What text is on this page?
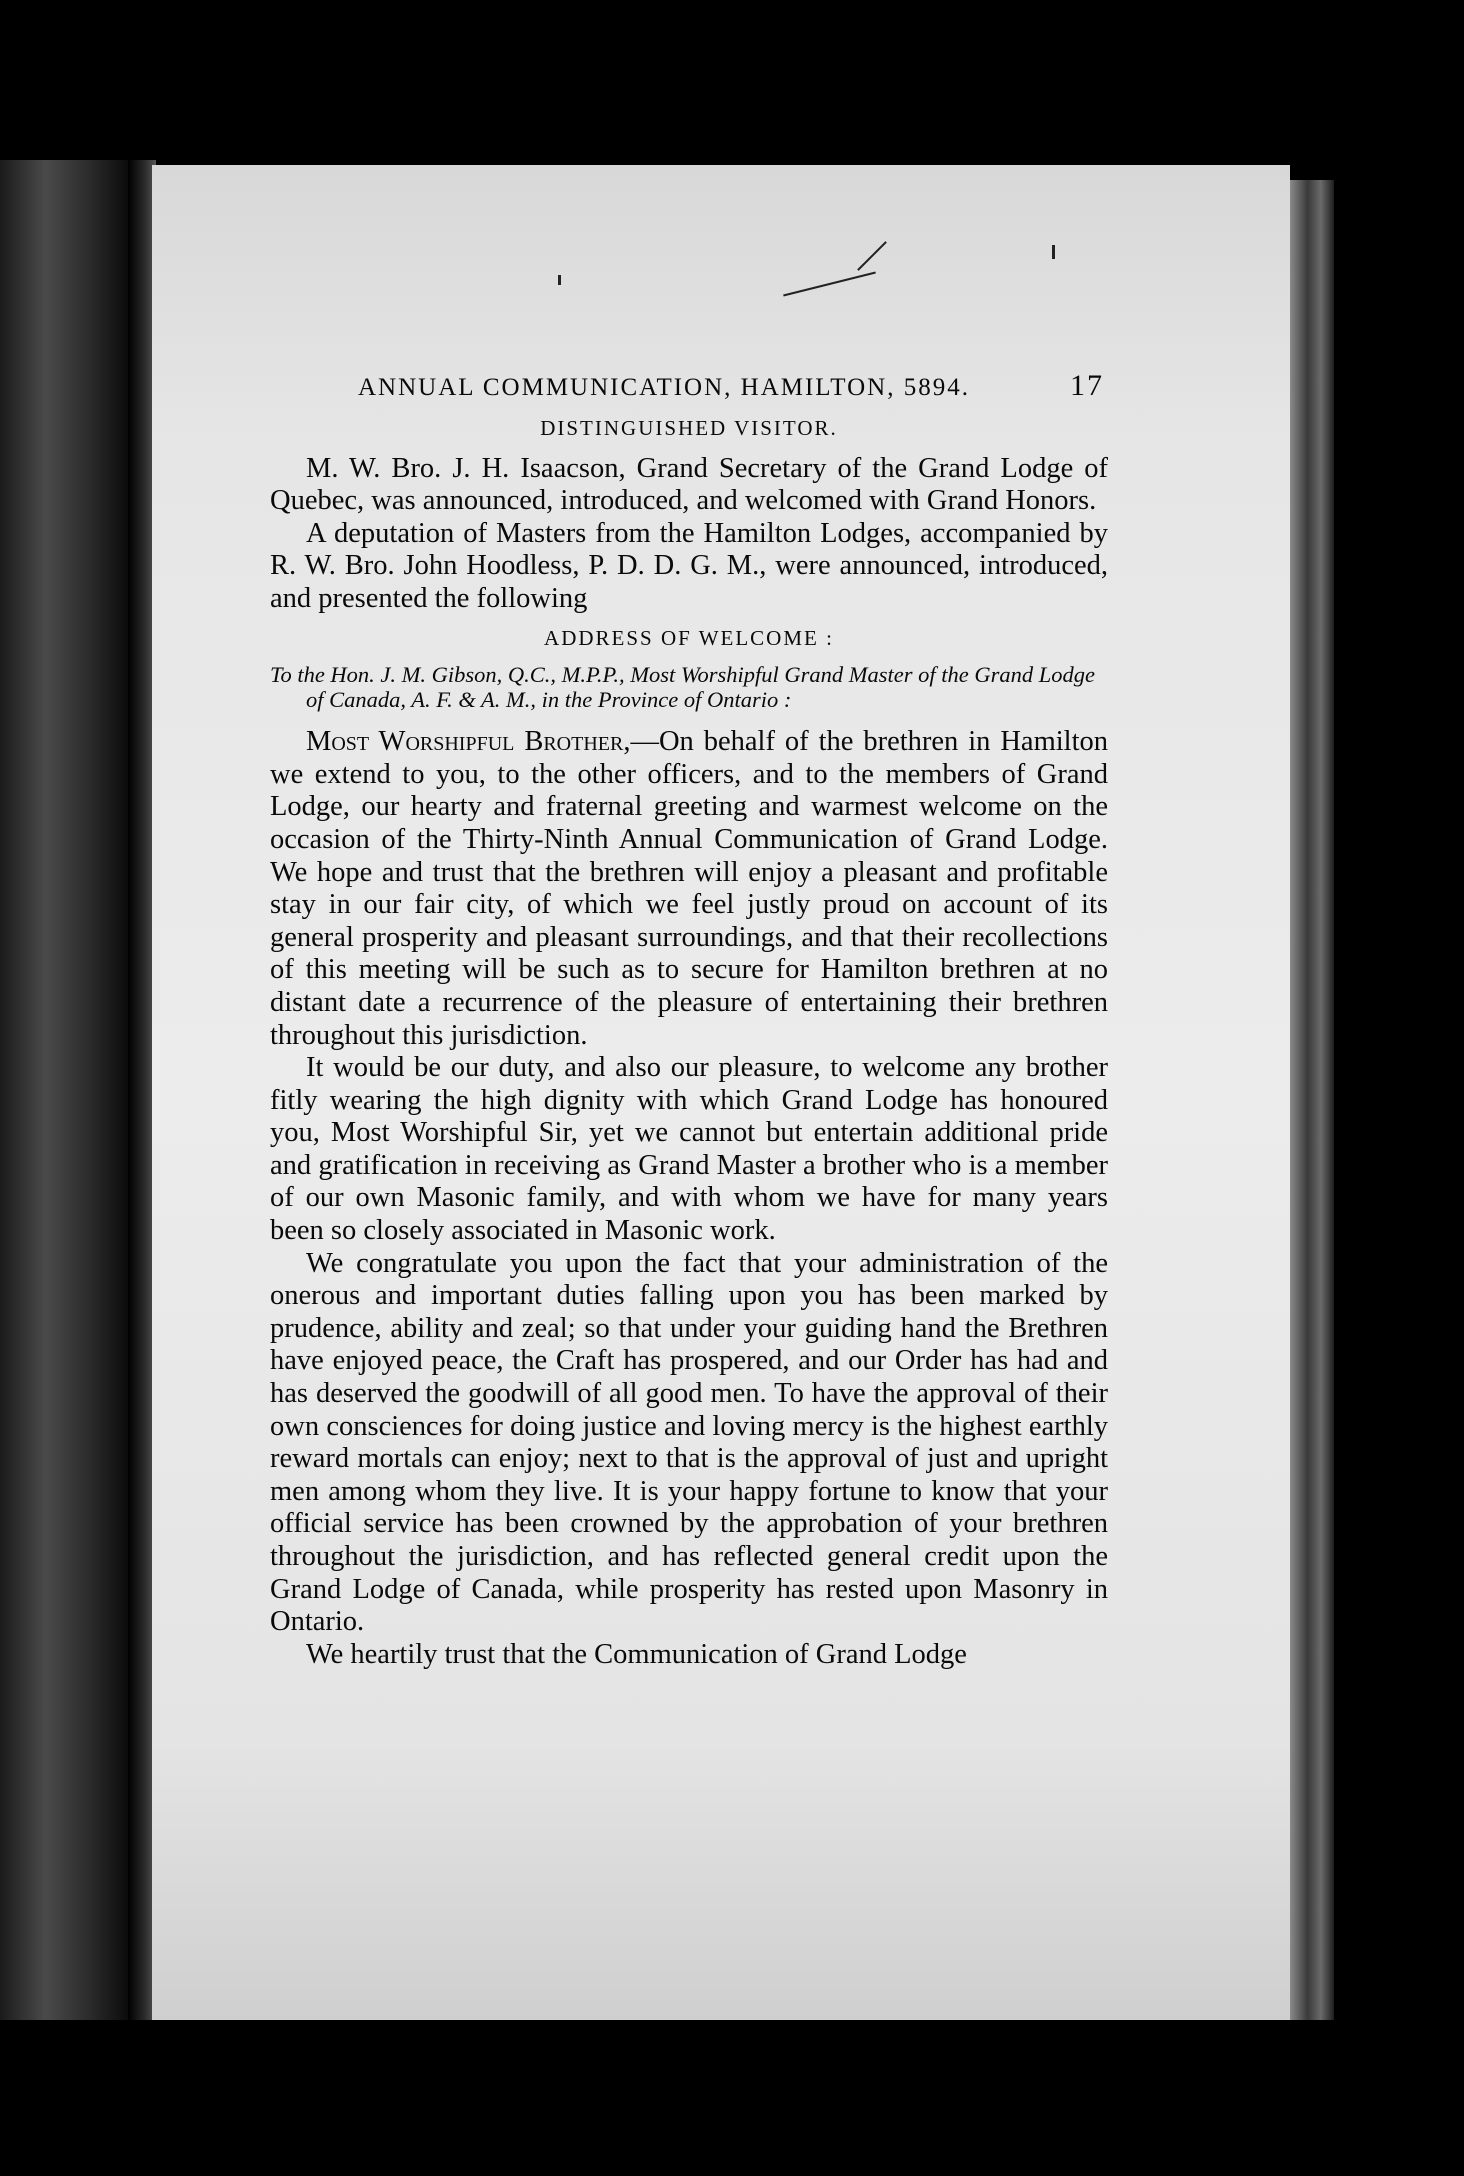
ANNUAL COMMUNICATION, HAMILTON, 5894.	17
DISTINGUISHED VISITOR.

M. W. Bro. J. H. Isaacson, Grand Secretary of the Grand Lodge of Quebec, was announced, introduced, and welcomed with Grand Honors.

A deputation of Masters from the Hamilton Lodges, accompanied by R. W. Bro. John Hoodless, P. D. D. G. M., were announced, introduced, and presented the following

ADDRESS OF WELCOME :

To the Hon. J. M. Gibson, Q.C., M.P.P., Most Worshipful Grand Master of the Grand Lodge of Canada, A. F. & A. M., in the Province of Ontario :

Most Worshipful Brother,—On behalf of the brethren in Hamilton we extend to you, to the other officers, and to the members of Grand Lodge, our hearty and fraternal greeting and warmest welcome on the occasion of the Thirty-Ninth Annual Communication of Grand Lodge. We hope and trust that the brethren will enjoy a pleasant and profitable stay in our fair city, of which we feel justly proud on account of its general prosperity and pleasant surroundings, and that their recollections of this meeting will be such as to secure for Hamilton brethren at no distant date a recurrence of the pleasure of entertaining their brethren throughout this jurisdiction.

It would be our duty, and also our pleasure, to welcome any brother fitly wearing the high dignity with which Grand Lodge has honoured you, Most Worshipful Sir, yet we cannot but entertain additional pride and gratification in receiving as Grand Master a brother who is a member of our own Masonic family, and with whom we have for many years been so closely associated in Masonic work.

We congratulate you upon the fact that your administration of the onerous and important duties falling upon you has been marked by prudence, ability and zeal; so that under your guiding hand the Brethren have enjoyed peace, the Craft has prospered, and our Order has had and has deserved the goodwill of all good men. To have the approval of their own consciences for doing justice and loving mercy is the highest earthly reward mortals can enjoy; next to that is the approval of just and upright men among whom they live. It is your happy fortune to know that your official service has been crowned by the approbation of your brethren throughout the jurisdiction, and has reflected general credit upon the Grand Lodge of Canada, while prosperity has rested upon Masonry in Ontario.

We heartily trust that the Communication of Grand Lodge
